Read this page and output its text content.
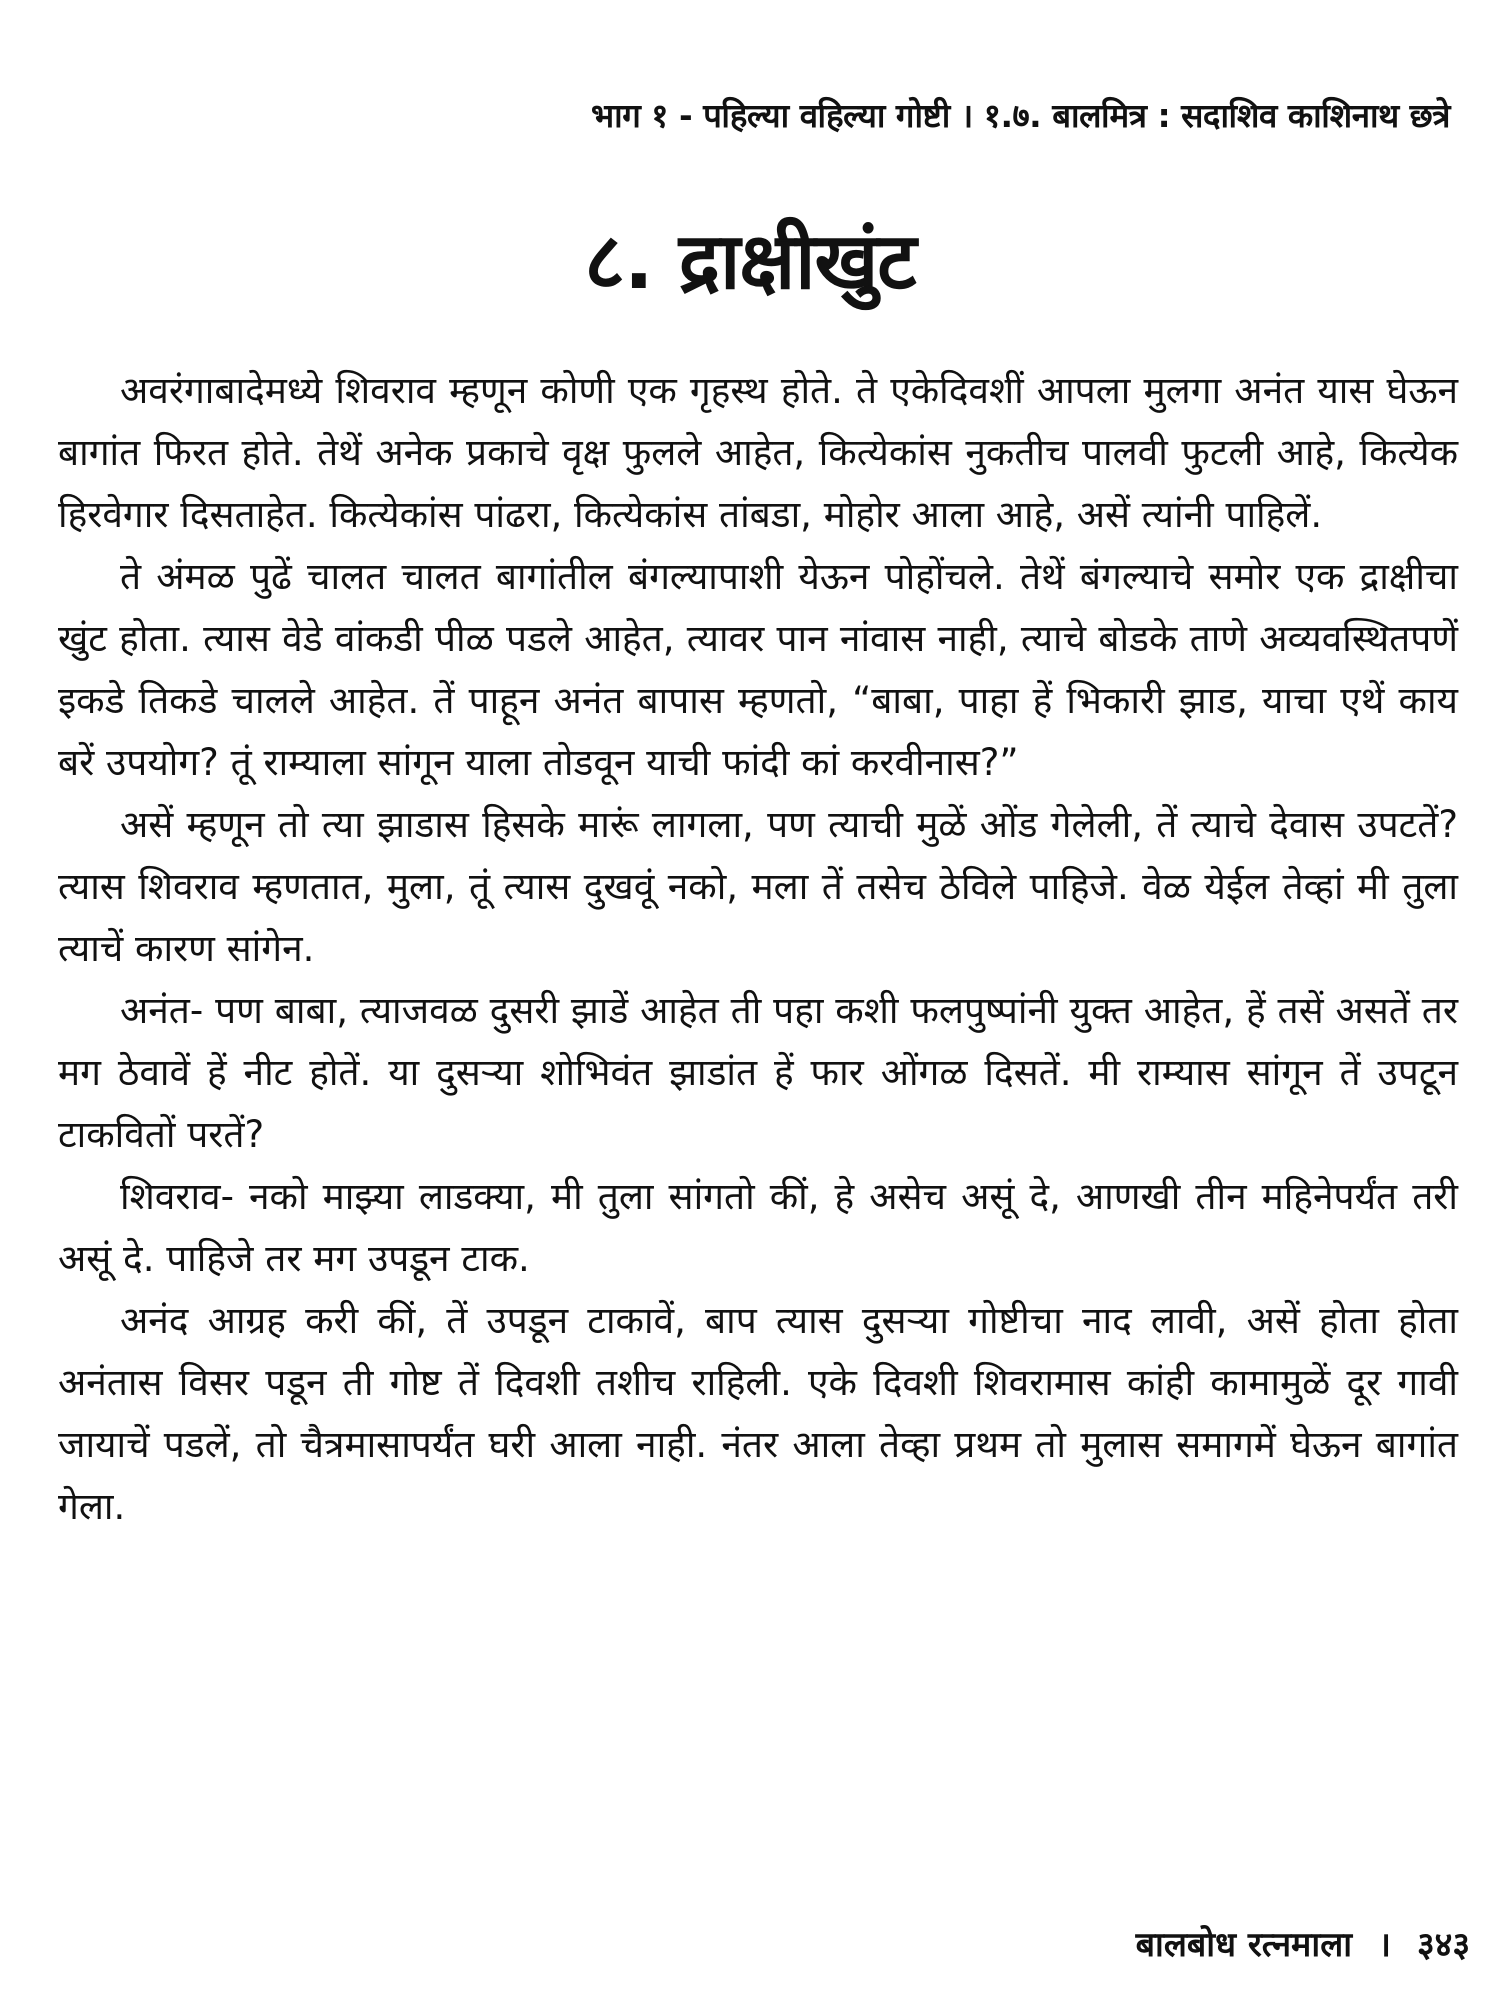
भाग १ - पहिल्या वहिल्या गोष्टी । १.७. बालमित्र : सदाशिव काशिनाथ छत्रे
८. द्राक्षीखुंट

अवरंगाबादेमध्ये शिवराव म्हणून कोणी एक गृहस्थ होते. ते एकेदिवशीं आपला मुलगा अनंत यास घेऊन बागांत फिरत होते. तेथें अनेक प्रकाचे वृक्ष फुलले आहेत, कित्येकांस नुकतीच पालवी फुटली आहे, कित्येक हिरवेगार दिसताहेत. कित्येकांस पांढरा, कित्येकांस तांबडा, मोहोर आला आहे, असें त्यांनी पाहिलें.

ते अंमळ पुढें चालत चालत बागांतील बंगल्यापाशी येऊन पोहोंचले. तेथें बंगल्याचे समोर एक द्राक्षीचा खुंट होता. त्यास वेडे वांकडी पीळ पडले आहेत, त्यावर पान नांवास नाही, त्याचे बोडके ताणे अव्यवस्थितपणें इकडे तिकडे चालले आहेत. तें पाहून अनंत बापास म्हणतो, “बाबा, पाहा हें भिकारी झाड, याचा एथें काय बरें उपयोग? तूं राम्याला सांगून याला तोडवून याची फांदी कां करवीनास?”

असें म्हणून तो त्या झाडास हिसके मारूं लागला, पण त्याची मुळें ओंड गेलेली, तें त्याचे देवास उपटतें? त्यास शिवराव म्हणतात, मुला, तूं त्यास दुखवूं नको, मला तें तसेच ठेविले पाहिजे. वेळ येईल तेव्हां मी तुला त्याचें कारण सांगेन.

अनंत- पण बाबा, त्याजवळ दुसरी झाडें आहेत ती पहा कशी फलपुष्पांनी युक्त आहेत, हें तसें असतें तर मग ठेवावें हें नीट होतें. या दुसऱ्या शोभिवंत झाडांत हें फार ओंगळ दिसतें. मी राम्यास सांगून तें उपटून टाकवितों परतें?

शिवराव- नको माझ्या लाडक्या, मी तुला सांगतो कीं, हे असेच असूं दे, आणखी तीन महिनेपर्यंत तरी असूं दे. पाहिजे तर मग उपडून टाक.

अनंद आग्रह करी कीं, तें उपडून टाकावें, बाप त्यास दुसऱ्या गोष्टीचा नाद लावी, असें होता होता अनंतास विसर पडून ती गोष्ट तें दिवशी तशीच राहिली. एके दिवशी शिवरामास कांही कामामुळें दूर गावी जायाचें पडलें, तो चैत्रमासापर्यंत घरी आला नाही. नंतर आला तेव्हा प्रथम तो मुलास समागमें घेऊन बागांत गेला.

बालबोध रत्नमाला । ३४३
